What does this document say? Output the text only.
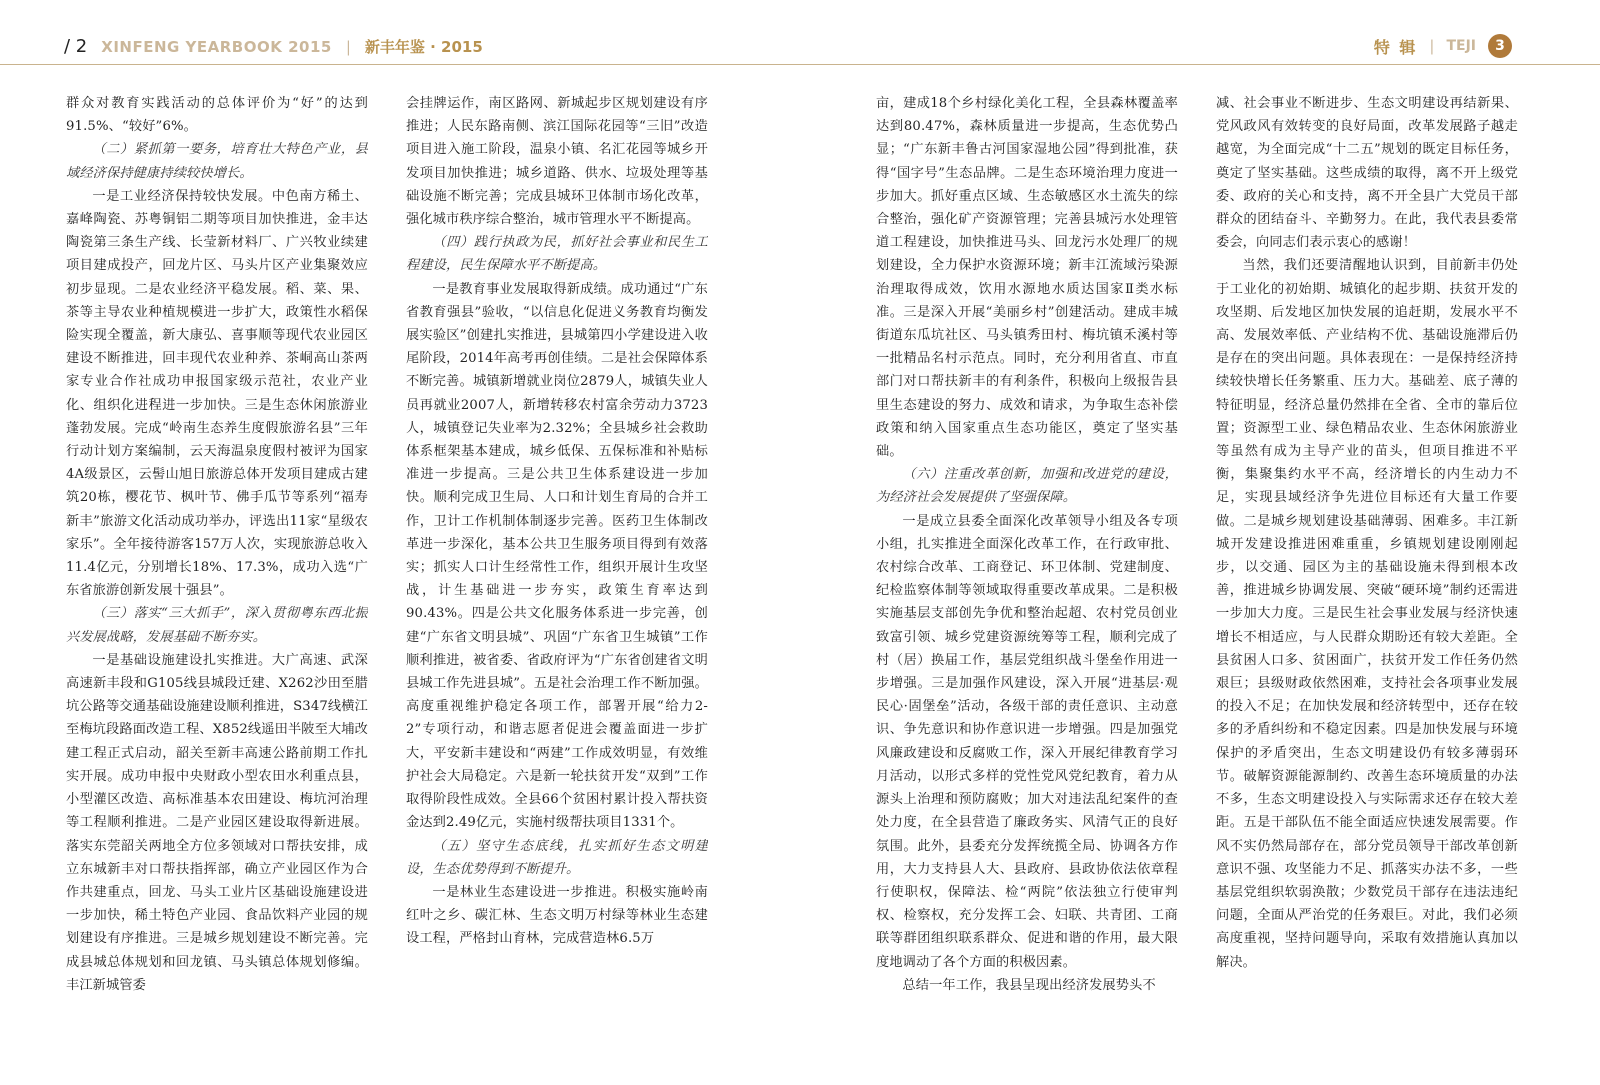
/ 2 XINFENG YEARBOOK 2015 | 新丰年鉴 · 2015	特 辑 | TEJI	3

群众对教育实践活动的总体评价为“好”的达到91.5%、“较好”6%。

（二）紧抓第一要务，培育壮大特色产业，县域经济保持健康持续较快增长。

一是工业经济保持较快发展。中色南方稀土、嘉峰陶瓷、苏粤铜铝二期等项目加快推进，金丰达陶瓷第三条生产线、长莹新材料厂、广兴牧业续建项目建成投产，回龙片区、马头片区产业集聚效应初步显现。二是农业经济平稳发展。稻、菜、果、茶等主导农业种植规模进一步扩大，政策性水稻保险实现全覆盖，新大康弘、喜事顺等现代农业园区建设不断推进，回丰现代农业种养、茶峒高山茶两家专业合作社成功申报国家级示范社，农业产业化、组织化进程进一步加快。三是生态休闲旅游业蓬勃发展。完成“岭南生态养生度假旅游名县”三年行动计划方案编制，云天海温泉度假村被评为国家4A级景区，云髻山旭日旅游总体开发项目建成古建筑20栋，樱花节、枫叶节、佛手瓜节等系列“福寿新丰”旅游文化活动成功举办，评选出11家“星级农家乐”。全年接待游客157万人次，实现旅游总收入11.4亿元，分别增长18%、17.3%，成功入选“广东省旅游创新发展十强县”。

（三）落实“三大抓手”，深入贯彻粤东西北振兴发展战略，发展基础不断夯实。

一是基础设施建设扎实推进。大广高速、武深高速新丰段和G105线县城段迁建、X262沙田至腊坑公路等交通基础设施建设顺利推进，S347线横江至梅坑段路面改造工程、X852线遥田半陂至大埔改建工程正式启动，韶关至新丰高速公路前期工作扎实开展。成功申报中央财政小型农田水利重点县，小型灌区改造、高标准基本农田建设、梅坑河治理等工程顺利推进。二是产业园区建设取得新进展。落实东莞韶关两地全方位多领域对口帮扶安排，成立东城新丰对口帮扶指挥部，确立产业园区作为合作共建重点，回龙、马头工业片区基础设施建设进一步加快，稀土特色产业园、食品饮料产业园的规划建设有序推进。三是城乡规划建设不断完善。完成县城总体规划和回龙镇、马头镇总体规划修编。丰江新城管委

会挂牌运作，南区路网、新城起步区规划建设有序推进；人民东路南侧、滨江国际花园等“三旧”改造项目进入施工阶段，温泉小镇、名汇花园等城乡开发项目加快推进；城乡道路、供水、垃圾处理等基础设施不断完善；完成县城环卫体制市场化改革，强化城市秩序综合整治，城市管理水平不断提高。

（四）践行执政为民，抓好社会事业和民生工程建设，民生保障水平不断提高。

一是教育事业发展取得新成绩。成功通过“广东省教育强县”验收，“以信息化促进义务教育均衡发展实验区”创建扎实推进，县城第四小学建设进入收尾阶段，2014年高考再创佳绩。二是社会保障体系不断完善。城镇新增就业岗位2879人，城镇失业人员再就业2007人，新增转移农村富余劳动力3723人，城镇登记失业率为2.32%；全县城乡社会救助体系框架基本建成，城乡低保、五保标准和补贴标准进一步提高。三是公共卫生体系建设进一步加快。顺利完成卫生局、人口和计划生育局的合并工作，卫计工作机制体制逐步完善。医药卫生体制改革进一步深化，基本公共卫生服务项目得到有效落实；抓实人口计生经常性工作，组织开展计生攻坚战，计生基础进一步夯实，政策生育率达到90.43%。四是公共文化服务体系进一步完善，创建“广东省文明县城”、巩固“广东省卫生城镇”工作顺利推进，被省委、省政府评为“广东省创建省文明县城工作先进县城”。五是社会治理工作不断加强。高度重视维护稳定各项工作，部署开展“给力2-2”专项行动，和谐志愿者促进会覆盖面进一步扩大，平安新丰建设和“两建”工作成效明显，有效维护社会大局稳定。六是新一轮扶贫开发“双到”工作取得阶段性成效。全县66个贫困村累计投入帮扶资金达到2.49亿元，实施村级帮扶项目1331个。

（五）坚守生态底线，扎实抓好生态文明建设，生态优势得到不断提升。

一是林业生态建设进一步推进。积极实施岭南红叶之乡、碳汇林、生态文明万村绿等林业生态建设工程，严格封山育林，完成营造林6.5万

亩，建成18个乡村绿化美化工程，全县森林覆盖率达到80.47%，森林质量进一步提高，生态优势凸显；“广东新丰鲁古河国家湿地公园”得到批准，获得“国字号”生态品牌。二是生态环境治理力度进一步加大。抓好重点区域、生态敏感区水土流失的综合整治，强化矿产资源管理；完善县城污水处理管道工程建设，加快推进马头、回龙污水处理厂的规划建设，全力保护水资源环境；新丰江流域污染源治理取得成效，饮用水源地水质达国家Ⅱ类水标准。三是深入开展“美丽乡村”创建活动。建成丰城街道东瓜坑社区、马头镇秀田村、梅坑镇禾溪村等一批精品名村示范点。同时，充分利用省直、市直部门对口帮扶新丰的有利条件，积极向上级报告县里生态建设的努力、成效和请求，为争取生态补偿政策和纳入国家重点生态功能区，奠定了坚实基础。

（六）注重改革创新，加强和改进党的建设，为经济社会发展提供了坚强保障。

一是成立县委全面深化改革领导小组及各专项小组，扎实推进全面深化改革工作，在行政审批、农村综合改革、工商登记、环卫体制、党建制度、纪检监察体制等领域取得重要改革成果。二是积极实施基层支部创先争优和整治起超、农村党员创业致富引领、城乡党建资源统筹等工程，顺利完成了村（居）换届工作，基层党组织战斗堡垒作用进一步增强。三是加强作风建设，深入开展“进基层·观民心·固堡垒”活动，各级干部的责任意识、主动意识、争先意识和协作意识进一步增强。四是加强党风廉政建设和反腐败工作，深入开展纪律教育学习月活动，以形式多样的党性党风党纪教育，着力从源头上治理和预防腐败；加大对违法乱纪案件的查处力度，在全县营造了廉政务实、风清气正的良好氛围。此外，县委充分发挥统揽全局、协调各方作用，大力支持县人大、县政府、县政协依法依章程行使职权，保障法、检“两院”依法独立行使审判权、检察权，充分发挥工会、妇联、共青团、工商联等群团组织联系群众、促进和谐的作用，最大限度地调动了各个方面的积极因素。

总结一年工作，我县呈现出经济发展势头不

减、社会事业不断进步、生态文明建设再结新果、党风政风有效转变的良好局面，改革发展路子越走越宽，为全面完成“十二五”规划的既定目标任务，奠定了坚实基础。这些成绩的取得，离不开上级党委、政府的关心和支持，离不开全县广大党员干部群众的团结奋斗、辛勤努力。在此，我代表县委常委会，向同志们表示衷心的感谢！

当然，我们还要清醒地认识到，目前新丰仍处于工业化的初始期、城镇化的起步期、扶贫开发的攻坚期、后发地区加快发展的追赶期，发展水平不高、发展效率低、产业结构不优、基础设施滞后仍是存在的突出问题。具体表现在：一是保持经济持续较快增长任务繁重、压力大。基础差、底子薄的特征明显，经济总量仍然排在全省、全市的靠后位置；资源型工业、绿色精品农业、生态休闲旅游业等虽然有成为主导产业的苗头，但项目推进不平衡，集聚集约水平不高，经济增长的内生动力不足，实现县域经济争先进位目标还有大量工作要做。二是城乡规划建设基础薄弱、困难多。丰江新城开发建设推进困难重重，乡镇规划建设刚刚起步，以交通、园区为主的基础设施未得到根本改善，推进城乡协调发展、突破“硬环境”制约还需进一步加大力度。三是民生社会事业发展与经济快速增长不相适应，与人民群众期盼还有较大差距。全县贫困人口多、贫困面广，扶贫开发工作任务仍然艰巨；县级财政依然困难，支持社会各项事业发展的投入不足；在加快发展和经济转型中，还存在较多的矛盾纠纷和不稳定因素。四是加快发展与环境保护的矛盾突出，生态文明建设仍有较多薄弱环节。破解资源能源制约、改善生态环境质量的办法不多，生态文明建设投入与实际需求还存在较大差距。五是干部队伍不能全面适应快速发展需要。作风不实仍然局部存在，部分党员领导干部改革创新意识不强、攻坚能力不足、抓落实办法不多，一些基层党组织软弱涣散；少数党员干部存在违法违纪问题，全面从严治党的任务艰巨。对此，我们必须高度重视，坚持问题导向，采取有效措施认真加以解决。
